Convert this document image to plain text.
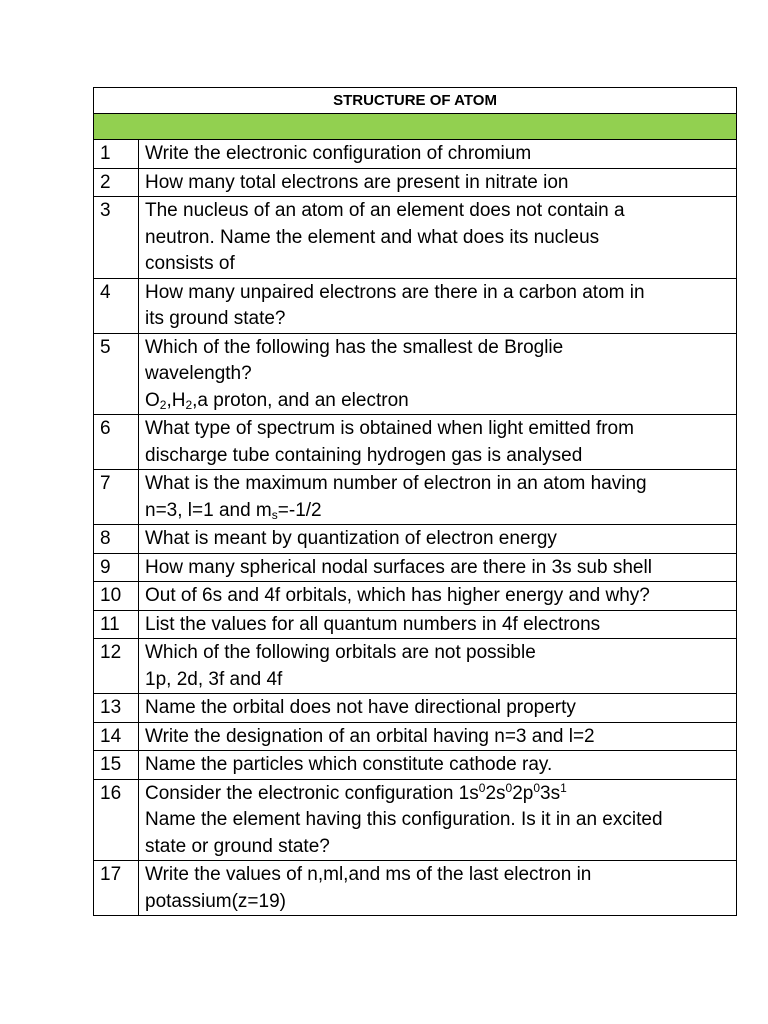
STRUCTURE OF ATOM	

1	Write the electronic configuration of chromium

2	How many total electrons are present in nitrate ion

3	The nucleus of an atom of an element does not contain a
neutron. Name the element and what does its nucleus
consists of

4	How many unpaired electrons are there in a carbon atom in
its ground state?

5	Which of the following has the smallest de Broglie
wavelength?
$O_2,H_2,a$ proton, and an electron

6	What type of spectrum is obtained when light emitted from
discharge tube containing hydrogen gas is analysed

7	What is the maximum number of electron in an atom having
n=3, l=1 and $m_s=-1/2$

8	What is meant by quantization of electron energy

9	How many spherical nodal surfaces are there in 3s sub shell

10	Out of 6s and 4f orbitals, which has higher energy and why?

11	List the values for all quantum numbers in 4f electrons

12	Which of the following orbitals are not possible
1p, 2d, 3f and 4f

13	Name the orbital does not have directional property

14	Write the designation of an orbital having n=3 and l=2

15	Name the particles which constitute cathode ray.

16	Consider the electronic configuration $1s^02s^02p^03s^1$
Name the element having this configuration. Is it in an excited
state or ground state?

17	Write the values of n,ml,and ms of the last electron in
potassium(z=19)
